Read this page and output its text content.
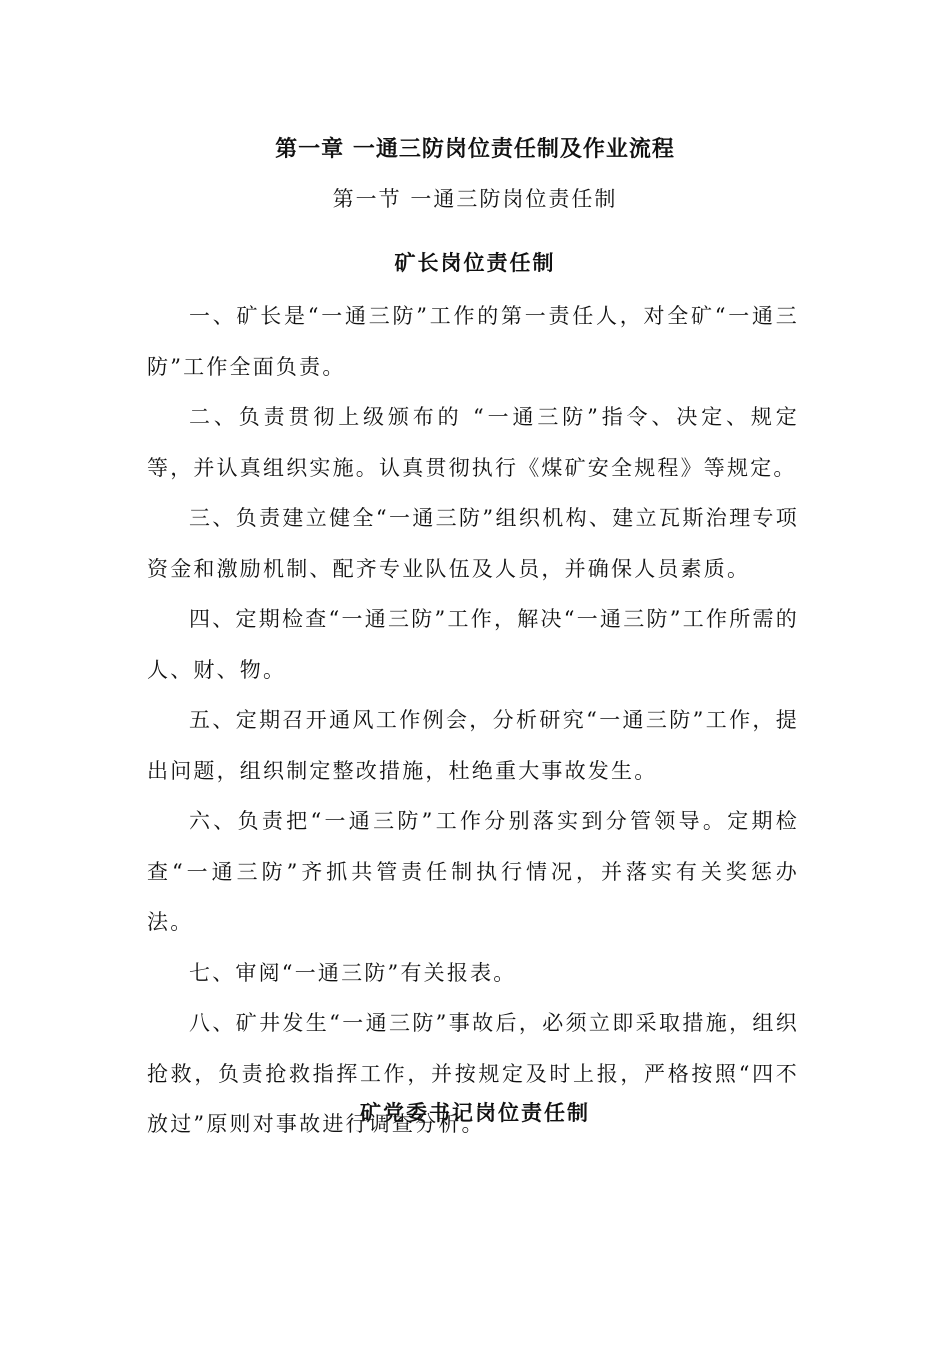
第一章 一通三防岗位责任制及作业流程
第一节 一通三防岗位责任制
矿长岗位责任制

一、矿长是“一通三防”工作的第一责任人，对全矿“一通三防”工作全面负责。

二、负责贯彻上级颁布的 “一通三防”指令、决定、规定等，并认真组织实施。认真贯彻执行《煤矿安全规程》等规定。

三、负责建立健全“一通三防”组织机构、建立瓦斯治理专项资金和激励机制、配齐专业队伍及人员，并确保人员素质。

四、定期检查“一通三防”工作，解决“一通三防”工作所需的人、财、物。

五、定期召开通风工作例会，分析研究“一通三防”工作，提出问题，组织制定整改措施，杜绝重大事故发生。

六、负责把“一通三防”工作分别落实到分管领导。定期检查“一通三防”齐抓共管责任制执行情况，并落实有关奖惩办法。

七、审阅“一通三防”有关报表。

八、矿井发生“一通三防”事故后，必须立即采取措施，组织抢救，负责抢救指挥工作，并按规定及时上报，严格按照“四不放过”原则对事故进行调查分析。

矿党委书记岗位责任制
